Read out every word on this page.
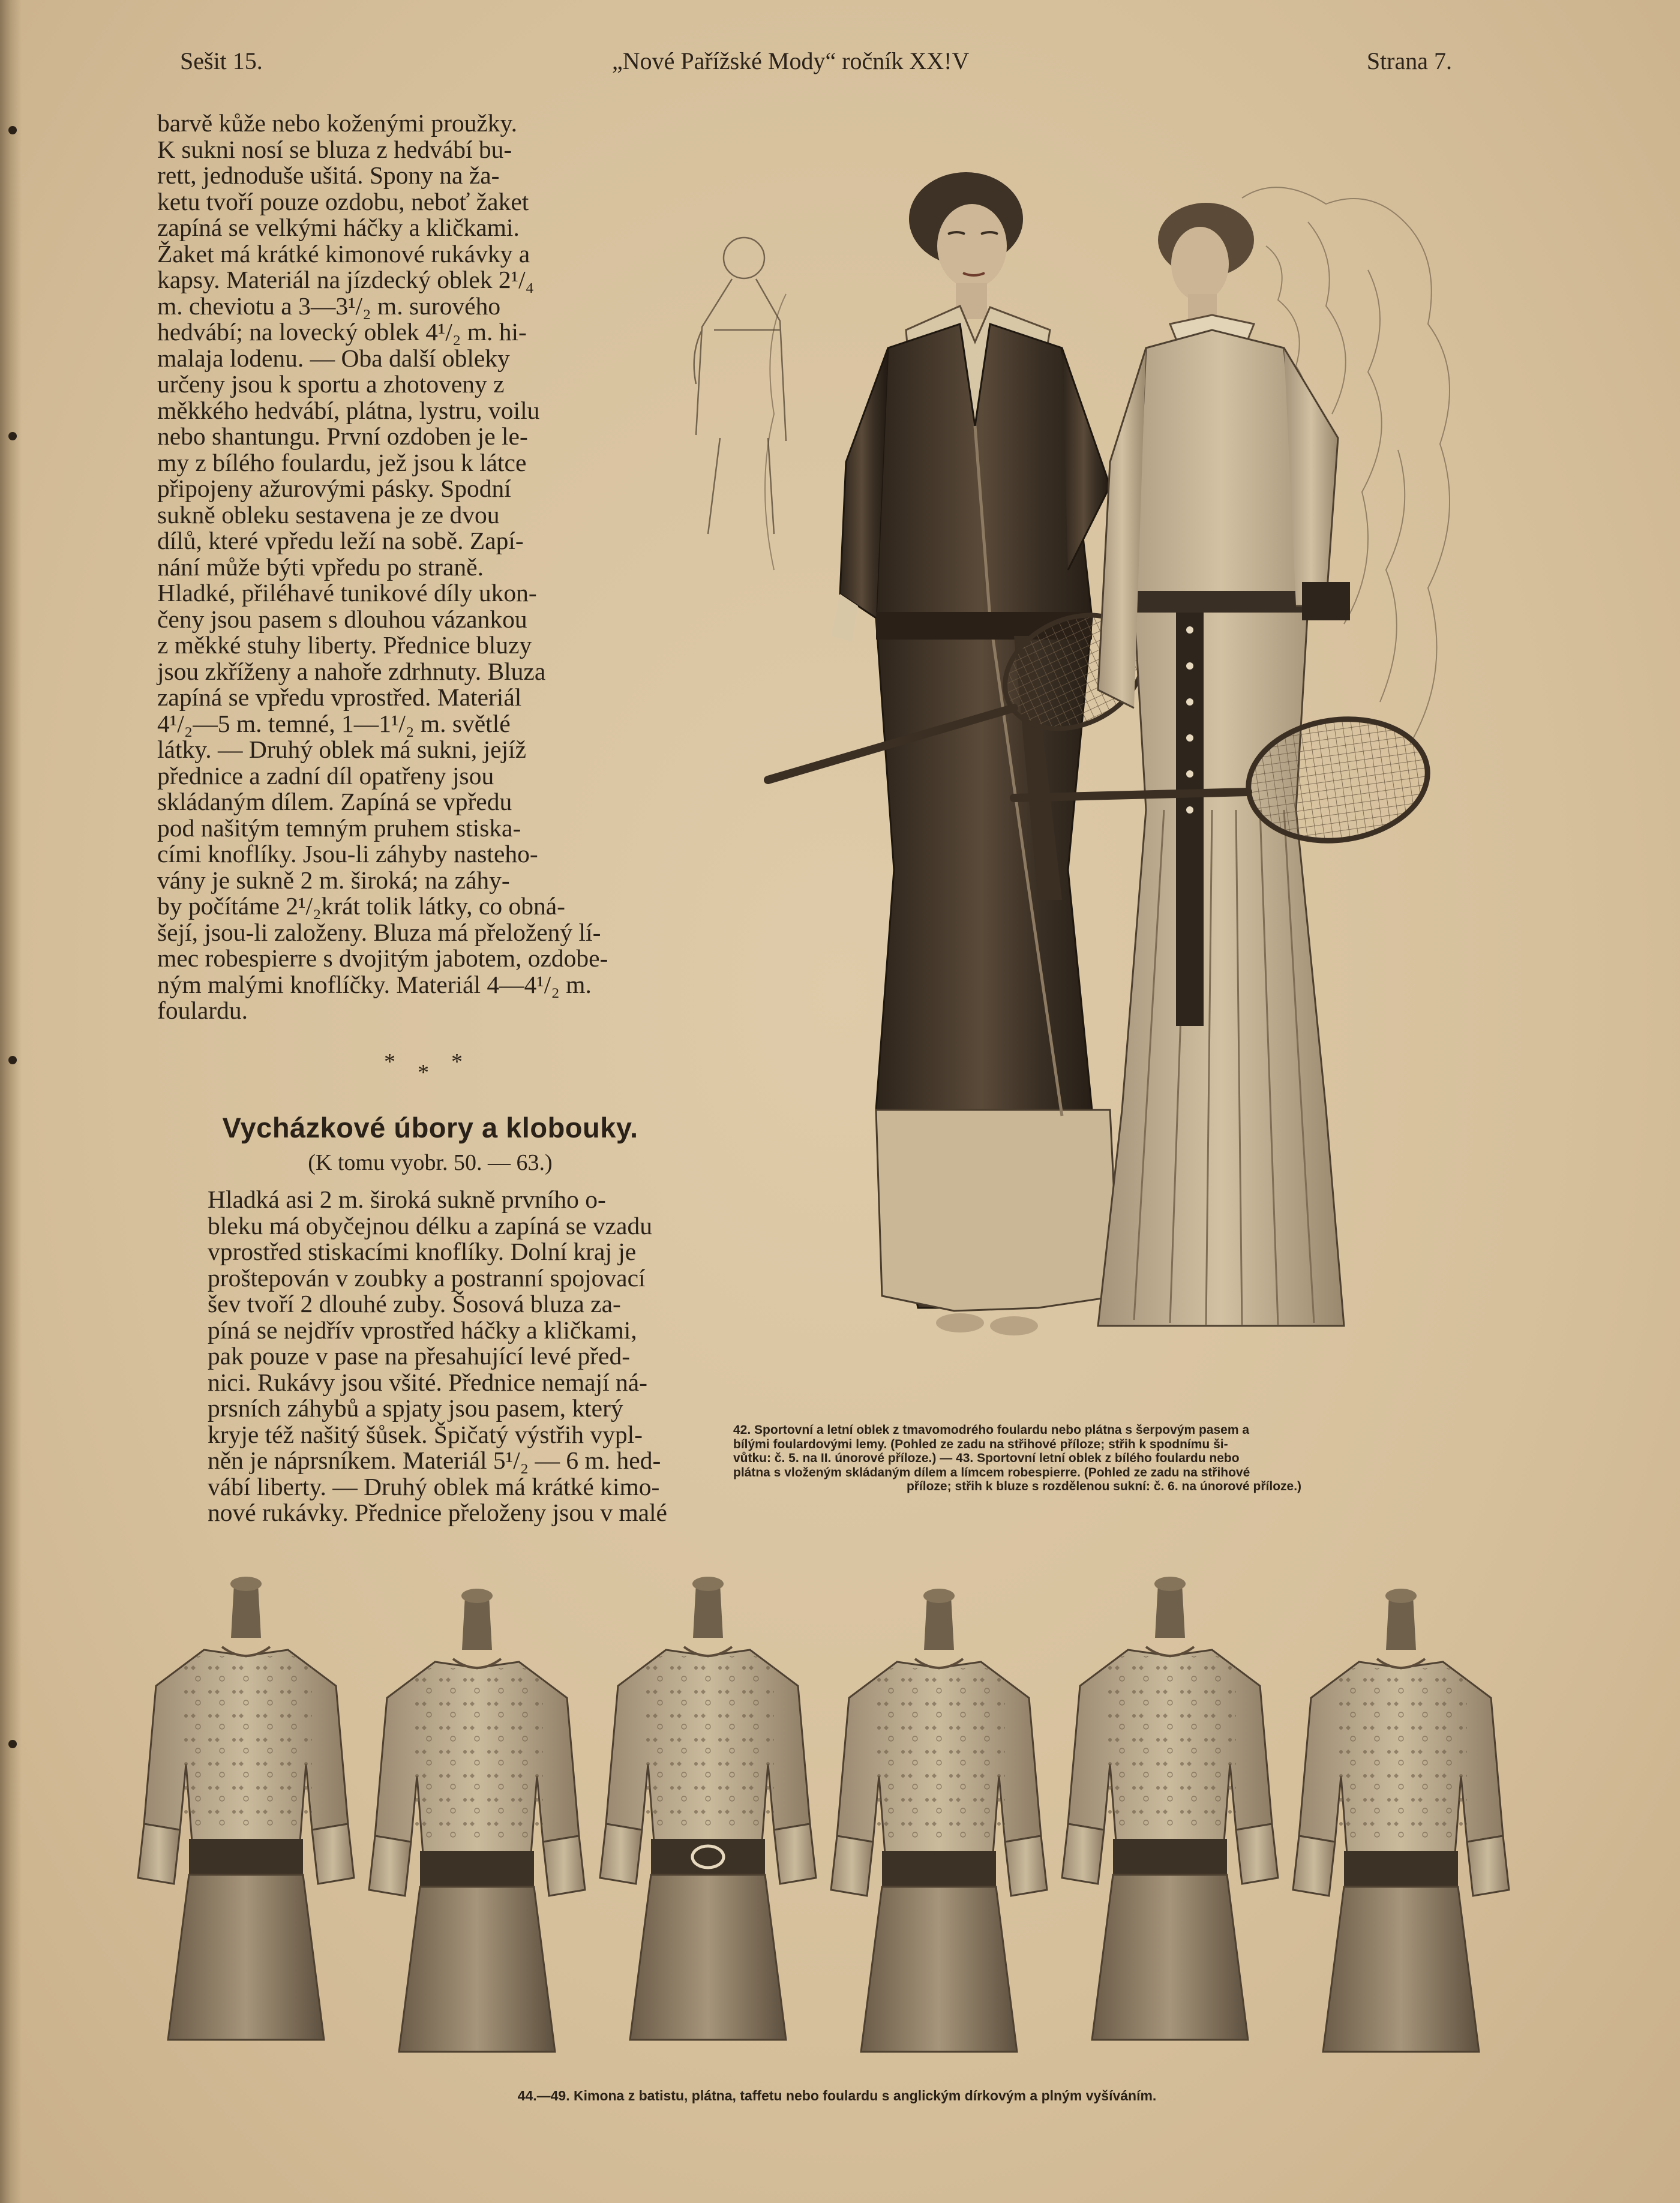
Sešit 15.	„Nové Pařížské Mody“ ročník XX!V	Strana 7.

barvě kůže nebo koženými proužky.

K sukni nosí se bluza z hedvábí bu-

rett, jednoduše ušitá. Spony na ža-

ketu tvoří pouze ozdobu, neboť žaket

zapíná se velkými háčky a kličkami.

Žaket má krátké kimonové rukávky a

kapsy. Materiál na jízdecký oblek 2¹/₄

m. cheviotu a 3—3¹/₂ m. surového

hedvábí; na lovecký oblek 4¹/₂ m. hi-

malaja lodenu. — Oba další obleky

určeny jsou k sportu a zhotoveny z

měkkého hedvábí, plátna, lystru, voilu

nebo shantungu. První ozdoben je le-

my z bílého foulardu, jež jsou k látce

připojeny ažurovými pásky. Spodní

sukně obleku sestavena je ze dvou

dílů, které vpředu leží na sobě. Zapí-

nání může býti vpředu po straně.

Hladké, přiléhavé tunikové díly ukon-

čeny jsou pasem s dlouhou vázankou

z měkké stuhy liberty. Přednice bluzy

jsou zkříženy a nahoře zdrhnuty. Bluza

zapíná se vpředu vprostřed. Materiál

4¹/₂—5 m. temné, 1—1¹/₂ m. světlé

látky. — Druhý oblek má sukni, jejíž

přednice a zadní díl opatřeny jsou

skládaným dílem. Zapíná se vpředu

pod našitým temným pruhem stiska-

cími knoflíky. Jsou-li záhyby nasteho-

vány je sukně 2 m. široká; na záhy-

by počítáme 2¹/₂krát tolik látky, co obná-

šejí, jsou-li založeny. Bluza má přeložený lí-

mec robespierre s dvojitým jabotem, ozdobe-

ným malými knoflíčky. Materiál 4—4¹/₂ m.

foulardu.

* * *
Vycházkové úbory a klobouky.
(K tomu vyobr. 50. — 63.)

Hladká asi 2 m. široká sukně prvního o-

bleku má obyčejnou délku a zapíná se vzadu

vprostřed stiskacími knoflíky. Dolní kraj je

proštepován v zoubky a postranní spojovací

šev tvoří 2 dlouhé zuby. Šosová bluza za-

píná se nejdřív vprostřed háčky a kličkami,

pak pouze v pase na přesahující levé před-

nici. Rukávy jsou všité. Přednice nemají ná-

prsních záhybů a spjaty jsou pasem, který

kryje též našitý šůsek. Špičatý výstřih vypl-

něn je náprsníkem. Materiál 5¹/₂ — 6 m. hed-

vábí liberty. — Druhý oblek má krátké kimo-

nové rukávky. Přednice přeloženy jsou v malé

42. Sportovní a letní oblek z tmavomodrého foulardu nebo plátna s šerpovým pasem a
bílými foulardovými lemy. (Pohled ze zadu na střihové příloze; střih k spodnímu ši-
vůtku: č. 5. na II. únorové příloze.) — 43. Sportovní letní oblek z bílého foulardu nebo
plátna s vloženým skládaným dílem a límcem robespierre. (Pohled ze zadu na střihové
příloze; střih k bluze s rozdělenou sukní: č. 6. na únorové příloze.)
44.—49. Kimona z batistu, plátna, taffetu nebo foulardu s anglickým dírkovým a plným vyšíváním.
